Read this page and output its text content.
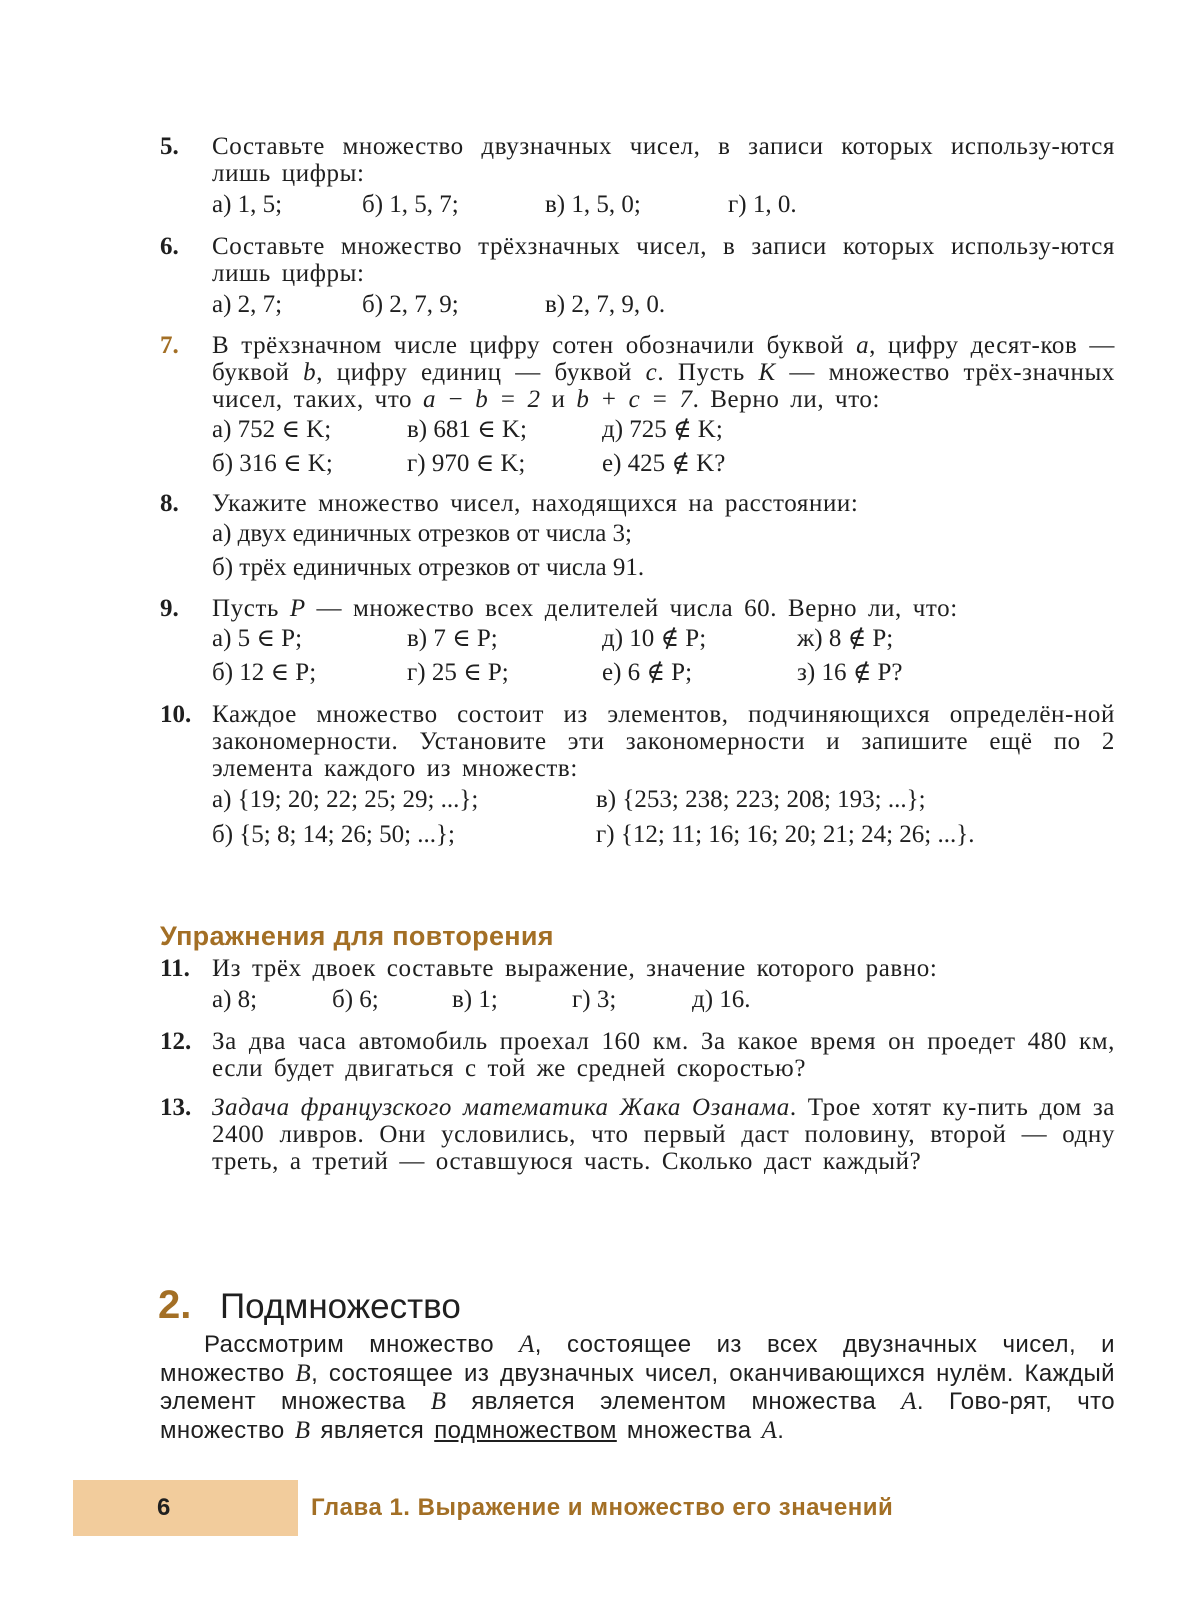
5. Составьте множество двузначных чисел, в записи которых использу-ются лишь цифры:
а) 1, 5;	б) 1, 5, 7;	в) 1, 5, 0;	г) 1, 0.
6. Составьте множество трёхзначных чисел, в записи которых использу-ются лишь цифры:
а) 2, 7;	б) 2, 7, 9;	в) 2, 7, 9, 0.
7. В трёхзначном числе цифру сотен обозначили буквой a, цифру десят-ков — буквой b, цифру единиц — буквой c. Пусть K — множество трёх-значных чисел, таких, что a − b = 2 и b + c = 7. Верно ли, что:
а) 752 ∈ K;	в) 681 ∈ K;	д) 725 ∉ K;
б) 316 ∈ K;	г) 970 ∈ K;	е) 425 ∉ K?
8. Укажите множество чисел, находящихся на расстоянии:
а) двух единичных отрезков от числа 3;
б) трёх единичных отрезков от числа 91.
9. Пусть P — множество всех делителей числа 60. Верно ли, что:
а) 5 ∈ P;	в) 7 ∈ P;	д) 10 ∉ P;	ж) 8 ∉ P;
б) 12 ∈ P;	г) 25 ∈ P;	е) 6 ∉ P;	з) 16 ∉ P?
10. Каждое множество состоит из элементов, подчиняющихся определён-ной закономерности. Установите эти закономерности и запишите ещё по 2 элемента каждого из множеств:
а) {19; 20; 22; 25; 29; ...};	в) {253; 238; 223; 208; 193; ...};
б) {5; 8; 14; 26; 50; ...};	г) {12; 11; 16; 16; 20; 21; 24; 26; ...}.
Упражнения для повторения
11. Из трёх двоек составьте выражение, значение которого равно:
а) 8;	б) 6;	в) 1;	г) 3;	д) 16.
12. За два часа автомобиль проехал 160 км. За какое время он проедет 480 км, если будет двигаться с той же средней скоростью?
13. Задача французского математика Жака Озанама. Трое хотят ку-пить дом за 2400 ливров. Они условились, что первый даст половину, второй — одну треть, а третий — оставшуюся часть. Сколько даст каждый?
2. Подмножество
Рассмотрим множество A, состоящее из всех двузначных чисел, и множество B, состоящее из двузначных чисел, оканчивающихся нулём. Каждый элемент множества B является элементом множества A. Гово-рят, что множество B является подмножеством множества A.
6	Глава 1. Выражение и множество его значений
